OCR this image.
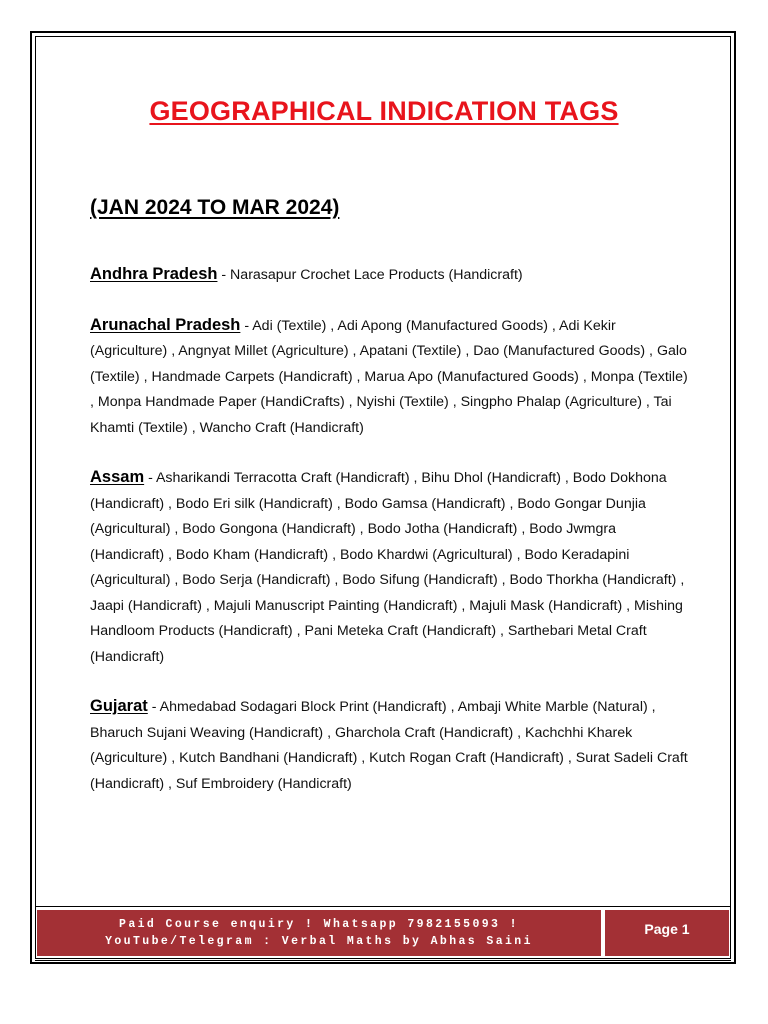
GEOGRAPHICAL INDICATION TAGS
(JAN 2024 TO MAR 2024)

Andhra Pradesh - Narasapur Crochet Lace Products (Handicraft)

Arunachal Pradesh - Adi (Textile) , Adi Apong (Manufactured Goods) , Adi Kekir (Agriculture) , Angnyat Millet (Agriculture) , Apatani (Textile) , Dao (Manufactured Goods) , Galo (Textile) , Handmade Carpets (Handicraft) , Marua Apo (Manufactured Goods) , Monpa (Textile) , Monpa Handmade Paper (HandiCrafts) , Nyishi (Textile) , Singpho Phalap (Agriculture) , Tai Khamti (Textile) , Wancho Craft (Handicraft)

Assam - Asharikandi Terracotta Craft (Handicraft) , Bihu Dhol (Handicraft) , Bodo Dokhona (Handicraft) , Bodo Eri silk (Handicraft) , Bodo Gamsa (Handicraft) , Bodo Gongar Dunjia (Agricultural) , Bodo Gongona (Handicraft) , Bodo Jotha (Handicraft) , Bodo Jwmgra (Handicraft) , Bodo Kham (Handicraft) , Bodo Khardwi (Agricultural) , Bodo Keradapini (Agricultural) , Bodo Serja (Handicraft) , Bodo Sifung (Handicraft) , Bodo Thorkha (Handicraft) , Jaapi (Handicraft) , Majuli Manuscript Painting (Handicraft) , Majuli Mask (Handicraft) , Mishing Handloom Products (Handicraft) , Pani Meteka Craft (Handicraft) , Sarthebari Metal Craft (Handicraft)

Gujarat - Ahmedabad Sodagari Block Print (Handicraft) , Ambaji White Marble (Natural) , Bharuch Sujani Weaving (Handicraft) , Gharchola Craft (Handicraft) , Kachchhi Kharek (Agriculture) , Kutch Bandhani (Handicraft) , Kutch Rogan Craft (Handicraft) , Surat Sadeli Craft (Handicraft) , Suf Embroidery (Handicraft)

Paid Course enquiry ! Whatsapp 7982155093 !
YouTube/Telegram : Verbal Maths by Abhas Saini
Page 1
